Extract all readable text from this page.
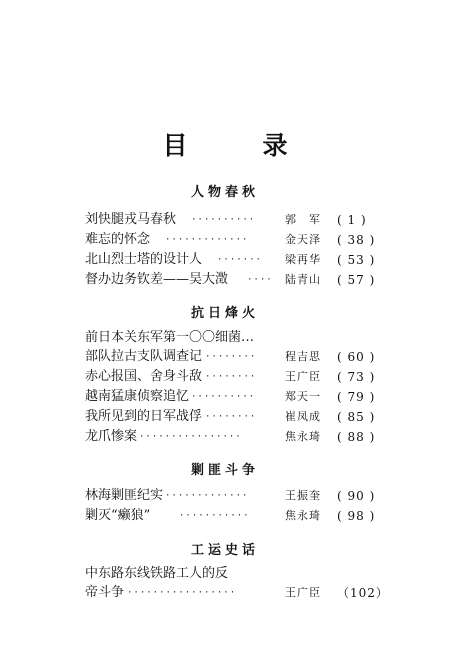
目	录
人物春秋
刘快腿戎马春秋 ··········	郭　军 ( 1 )
难忘的怀念 ·············	金天泽 ( 38 )
北山烈士塔的设计人 ·······	梁再华 ( 53 )
督办边务钦差——吴大澂 ····	陆青山 ( 57 )
抗日烽火
前日本关东军第一〇〇细菌…
部队拉古支队调查记 ········	程吉思 ( 60 )
赤心报国、舍身斗敌 ········	王广臣 ( 73 )
越南猛康侦察追忆 ··········	郑天一 ( 79 )
我所见到的日军战俘 ········	崔凤成 ( 85 )
龙爪惨案 ················	焦永琦 ( 88 )
剿匪斗争
林海剿匪纪实 ·············	王振奎 ( 90 )
剿灭“癞狼”	···········	焦永琦 ( 98 )
工运史话
中东路东线铁路工人的反
帝斗争 ·················	王广臣 （102）
